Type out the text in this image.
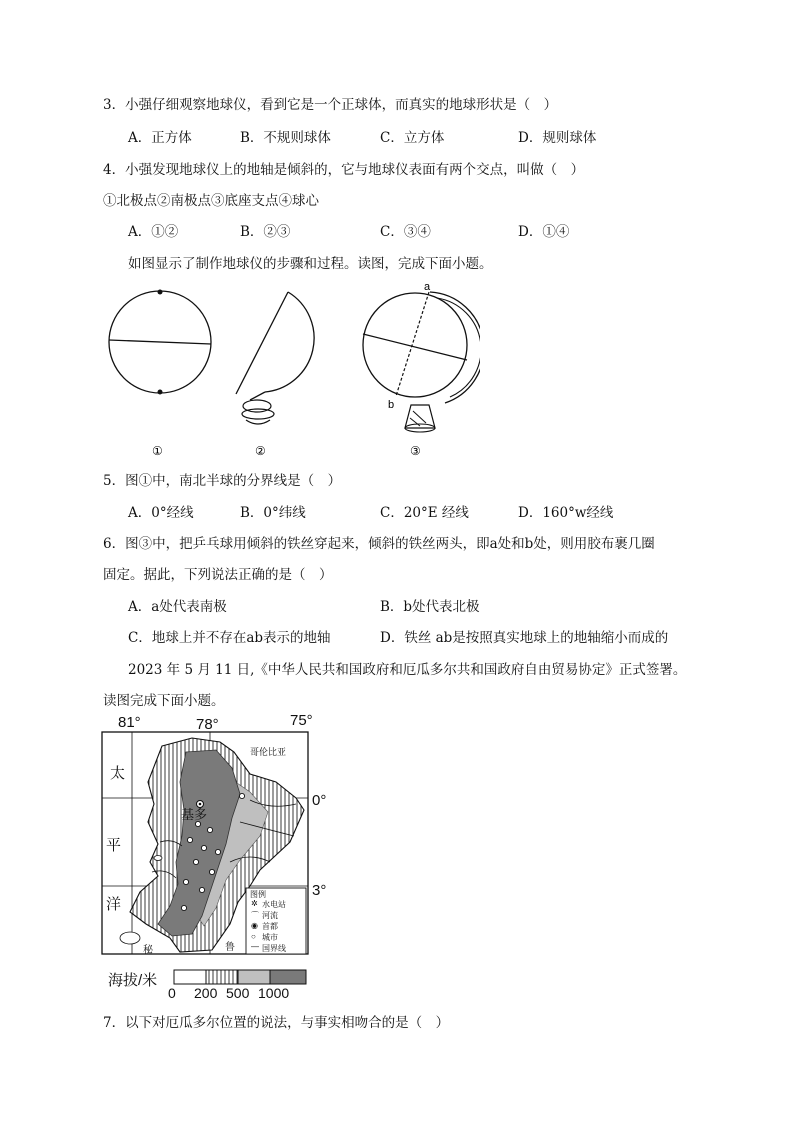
3．小强仔细观察地球仪，看到它是一个正球体，而真实的地球形状是（　）
A．正方体	B．不规则球体	C．立方体	D．规则球体
4．小强发现地球仪上的地轴是倾斜的，它与地球仪表面有两个交点，叫做（　）
①北极点②南极点③底座支点④球心
A．①②	B．②③	C．③④	D．①④
如图显示了制作地球仪的步骤和过程。读图，完成下面小题。
a
b
①	②	③
5．图①中，南北半球的分界线是（　）
A．0°经线	B．0°纬线	C．20°E 经线	D．160°w经线
6．图③中，把乒乓球用倾斜的铁丝穿起来，倾斜的铁丝两头，即a处和b处，则用胶布裹几圈
固定。据此，下列说法正确的是（　）
A．a处代表南极	B．b处代表北极
C．地球上并不存在ab表示的地轴	D．铁丝 ab是按照真实地球上的地轴缩小而成的
2023 年 5 月 11 日,《中华人民共和国政府和厄瓜多尔共和国政府自由贸易协定》正式签署。
读图完成下面小题。
81°	78°	75°
0°
3°
太
平
洋
哥伦比亚
基多
秘	鲁
图例
✲ 水电站
⌒ 河流
◉ 首都
○ 城市
— 国界线
海拔/米
0 200 500 1000
7．以下对厄瓜多尔位置的说法，与事实相吻合的是（　）
